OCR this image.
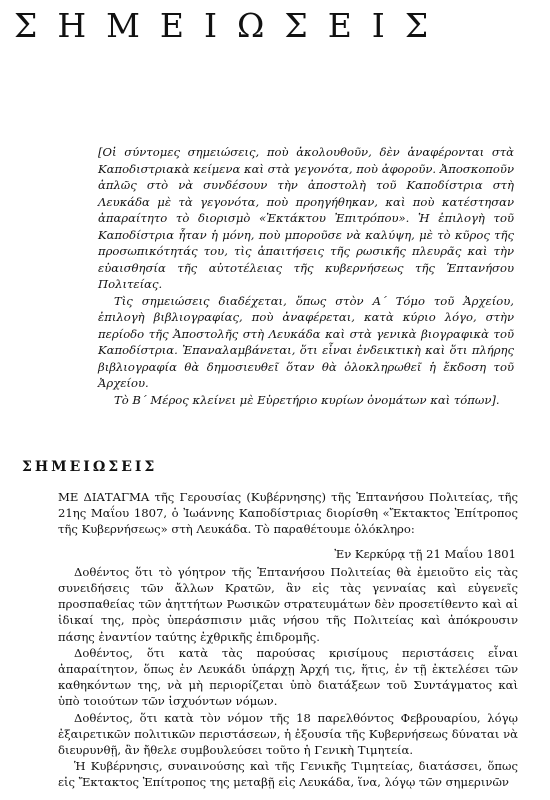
ΣΗΜΕΙΩΣΕΙΣ

[Οἱ σύντομες σημειώσεις, ποὺ ἀκολουθοῦν, δὲν ἀναφέρονται στὰ Καποδιστριακὰ κείμενα καὶ στὰ γεγονότα, ποὺ ἀφοροῦν. Ἀποσκοποῦν ἁπλῶς στὸ νὰ συνδέσουν τὴν ἀποστολὴ τοῦ Καποδίστρια στὴ Λευκάδα μὲ τὰ γεγονότα, ποὺ προηγήθηκαν, καὶ ποὺ κατέστησαν ἀπαραίτητο τὸ διορισμὸ «Ἐκτάκτου Ἐπιτρόπου». Ἡ ἐπιλογὴ τοῦ Καποδίστρια ἦταν ἡ μόνη, ποὺ μποροῦσε νὰ καλύψη, μὲ τὸ κῦρος τῆς προσωπικότητάς του, τὶς ἀπαιτήσεις τῆς ρωσικῆς πλευρᾶς καὶ τὴν εὐαισθησία τῆς αὐτοτέλειας τῆς κυβερνήσεως τῆς Ἑπτανήσου Πολιτείας.

Τὶς σημειώσεις διαδέχεται, ὅπως στὸν Α΄ Τόμο τοῦ Ἀρχείου, ἐπιλογὴ βιβλιογραφίας, ποὺ ἀναφέρεται, κατὰ κύριο λόγο, στὴν περίοδο τῆς Ἀποστολῆς στὴ Λευκάδα καὶ στὰ γενικὰ βιογραφικὰ τοῦ Καποδίστρια. Ἐπαναλαμβάνεται, ὅτι εἶναι ἐνδεικτικὴ καὶ ὅτι πλήρης βιβλιογραφία θὰ δημοσιευθεῖ ὅταν θὰ ὁλοκληρωθεῖ ἡ ἔκδοση τοῦ Ἀρχείου.

Τὸ Β΄ Μέρος κλείνει μὲ Εὑρετήριο κυρίων ὀνομάτων καὶ τόπων].

ΣΗΜΕΙΩΣΕΙΣ

ΜΕ ΔΙΑΤΑΓΜΑ τῆς Γερουσίας (Κυβέρνησης) τῆς Ἑπτανήσου Πολιτείας, τῆς 21ης Μαΐου 1807, ὁ Ἰωάννης Καποδίστριας διορίσθη «Ἔκτακτος Ἐπίτροπος τῆς Κυβερνήσεως» στὴ Λευκάδα. Τὸ παραθέτουμε ὁλόκληρο:

Ἐν Κερκύρᾳ τῇ 21 Μαΐου 1801

Δοθέντος ὅτι τὸ γόητρον τῆς Ἑπτανήσου Πολιτείας θὰ ἐμειοῦτο εἰς τὰς συνειδήσεις τῶν ἄλλων Κρατῶν, ἂν εἰς τὰς γενναίας καὶ εὐγενεῖς προσπαθείας τῶν ἀηττήτων Ρωσικῶν στρατευμάτων δὲν προσετίθεντο καὶ αἱ ἰδικαί της, πρὸς ὑπεράσπισιν μιᾶς νήσου τῆς Πολιτείας καὶ ἀπόκρουσιν πάσης ἐναντίον ταύτης ἐχθρικῆς ἐπιδρομῆς.

Δοθέντος, ὅτι κατὰ τὰς παρούσας κρισίμους περιστάσεις εἶναι ἀπαραίτητον, ὅπως ἐν Λευκάδι ὑπάρχῃ Ἀρχή τις, ἥτις, ἐν τῇ ἐκτελέσει τῶν καθηκόντων της, νὰ μὴ περιορίζεται ὑπὸ διατάξεων τοῦ Συντάγματος καὶ ὑπὸ τοιούτων τῶν ἰσχυόντων νόμων.

Δοθέντος, ὅτι κατὰ τὸν νόμον τῆς 18 παρελθόντος Φεβρουαρίου, λόγῳ ἐξαιρετικῶν πολιτικῶν περιστάσεων, ἡ ἐξουσία τῆς Κυβερνήσεως δύναται νὰ διευρυνθῇ, ἂν ἤθελε συμβουλεύσει τοῦτο ἡ Γενικὴ Τιμητεία.

Ἡ Κυβέρνησις, συναινούσης καὶ τῆς Γενικῆς Τιμητείας, διατάσσει, ὅπως εἰς Ἔκτακτος Ἐπίτροπος της μεταβῇ εἰς Λευκάδα, ἵνα, λόγῳ τῶν σημερινῶν
